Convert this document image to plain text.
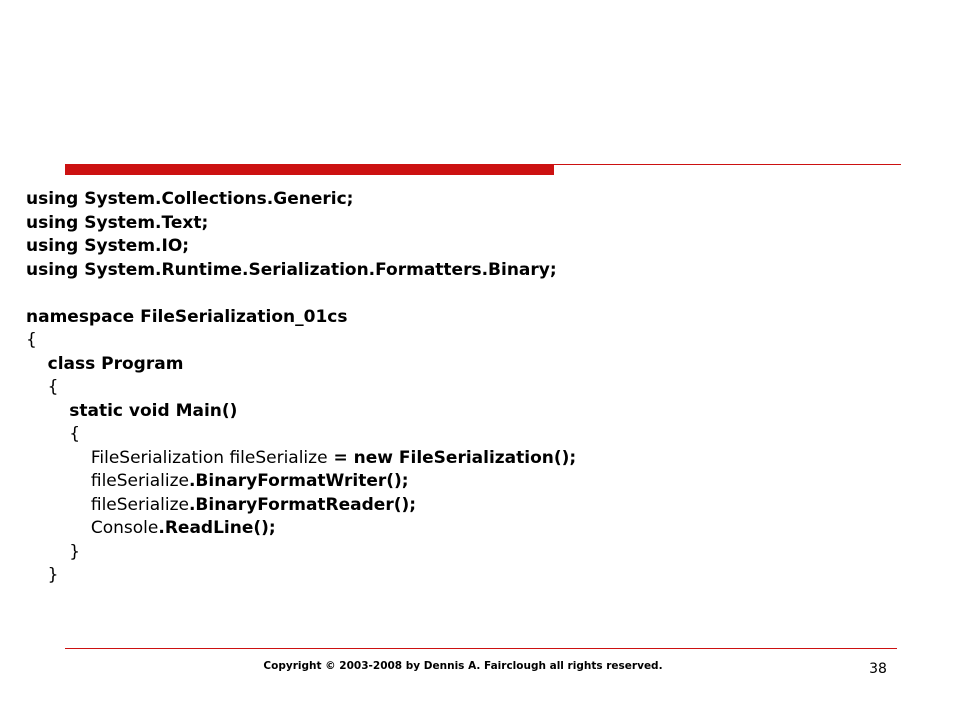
using System.Collections.Generic;
using System.Text;
using System.IO;
using System.Runtime.Serialization.Formatters.Binary;
namespace FileSerialization_01cs
{
class Program
{
static void Main()
{
FileSerialization fileSerialize = new FileSerialization();
fileSerialize.BinaryFormatWriter();
fileSerialize.BinaryFormatReader();
Console.ReadLine();
}
}
Copyright © 2003-2008 by Dennis A. Fairclough all rights reserved.	38
